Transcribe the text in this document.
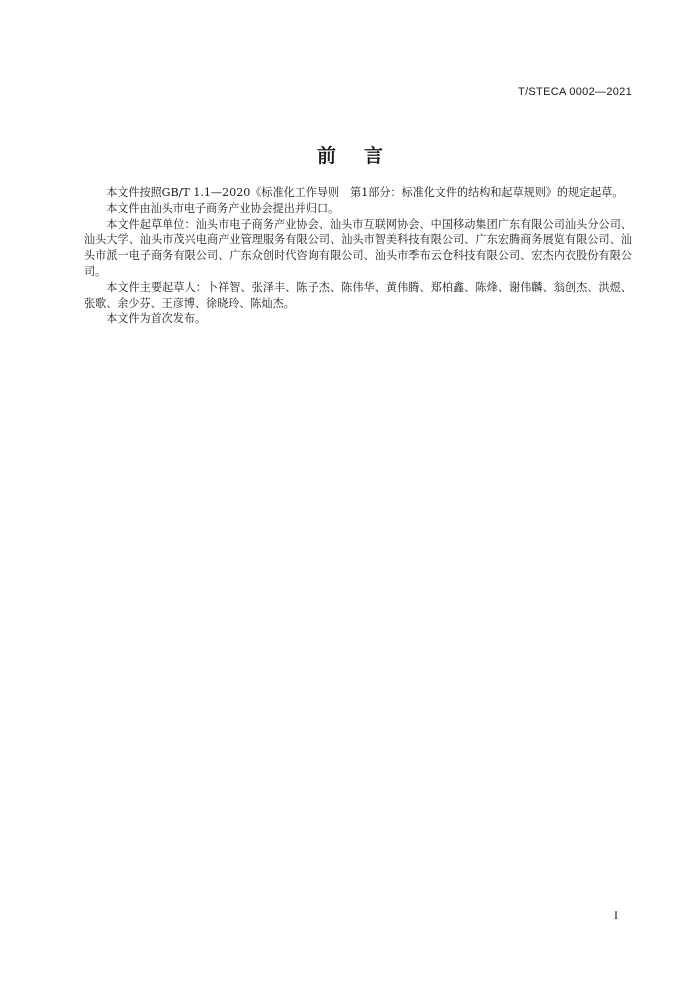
T/STECA 0002—2021
前言

本文件按照GB/T 1.1—2020《标准化工作导则　第1部分：标准化文件的结构和起草规则》的规定起草。

本文件由汕头市电子商务产业协会提出并归口。

本文件起草单位：汕头市电子商务产业协会、汕头市互联网协会、中国移动集团广东有限公司汕头分公司、汕头大学、汕头市茂兴电商产业管理服务有限公司、汕头市智美科技有限公司、广东宏腾商务展览有限公司、汕头市派一电子商务有限公司、广东众创时代咨询有限公司、汕头市季布云仓科技有限公司、宏杰内衣股份有限公司。

本文件主要起草人：卜祥智、张泽丰、陈子杰、陈伟华、黄伟腾、郑柏鑫、陈烽、谢伟麟、翁创杰、洪煜、张歌、余少芬、王彦博、徐晓玲、陈灿杰。

本文件为首次发布。

I
